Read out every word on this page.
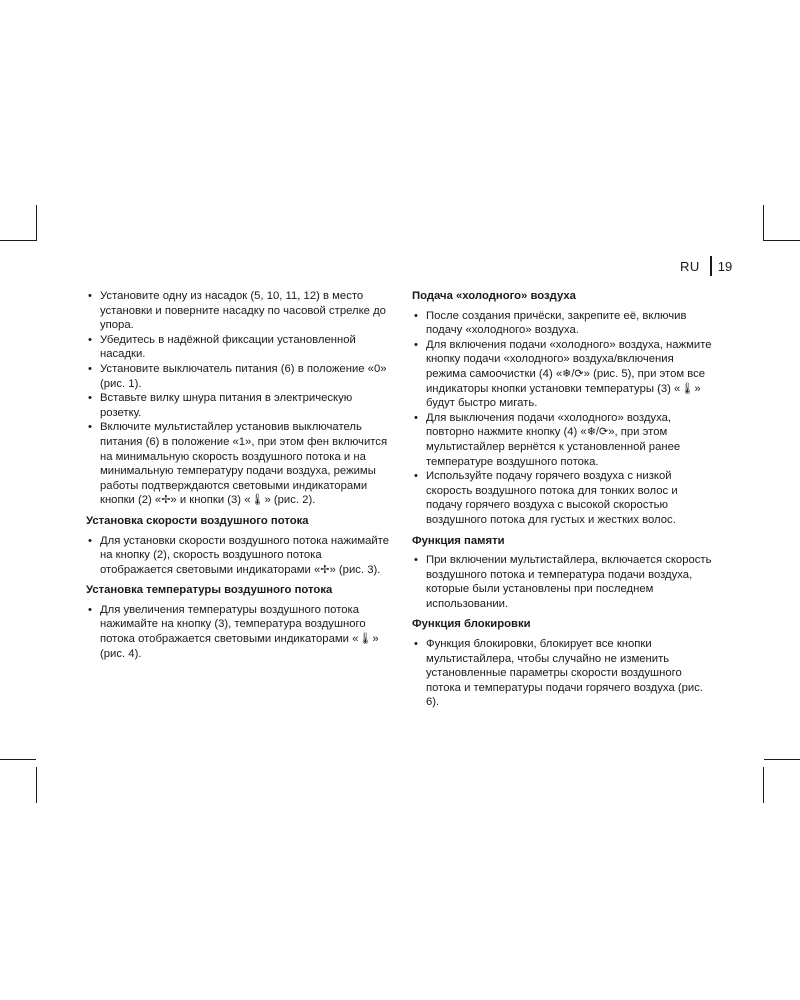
RU 19
• Установите одну из насадок (5, 10, 11, 12) в место установки и поверните насадку по часовой стрелке до упора.
• Убедитесь в надёжной фиксации установленной насадки.
• Установите выключатель питания (6) в положение «0» (рис. 1).
• Вставьте вилку шнура питания в электрическую розетку.
• Включите мультистайлер установив выключатель питания (6) в положение «1», при этом фен включится на минимальную скорость воздушного потока и на минимальную температуру подачи воздуха, режимы работы подтверждаются световыми индикаторами кнопки (2) «✢» и кнопки (3) «🌡» (рис. 2).
Установка скорости воздушного потока
• Для установки скорости воздушного потока нажимайте на кнопку (2), скорость воздушного потока отображается световыми индикаторами «✢» (рис. 3).
Установка температуры воздушного потока
• Для увеличения температуры воздушного потока нажимайте на кнопку (3), температура воздушного потока отображается световыми индикаторами «🌡» (рис. 4).
Подача «холодного» воздуха
• После создания причёски, закрепите её, включив подачу «холодного» воздуха.
• Для включения подачи «холодного» воздуха, нажмите кнопку подачи «холодного» воздуха/включения режима самоочистки (4) «❄/⟳» (рис. 5), при этом все индикаторы кнопки установки температуры (3) «🌡» будут быстро мигать.
• Для выключения подачи «холодного» воздуха, повторно нажмите кнопку (4) «❄/⟳», при этом мультистайлер вернётся к установленной ранее температуре воздушного потока.
• Используйте подачу горячего воздуха с низкой скорость воздушного потока для тонких волос и подачу горячего воздуха с высокой скоростью воздушного потока для густых и жестких волос.
Функция памяти
• При включении мультистайлера, включается скорость воздушного потока и температура подачи воздуха, которые были установлены при последнем использовании.
Функция блокировки
• Функция блокировки, блокирует все кнопки мультистайлера, чтобы случайно не изменить установленные параметры скорости воздушного потока и температуры подачи горячего воздуха (рис. 6).
